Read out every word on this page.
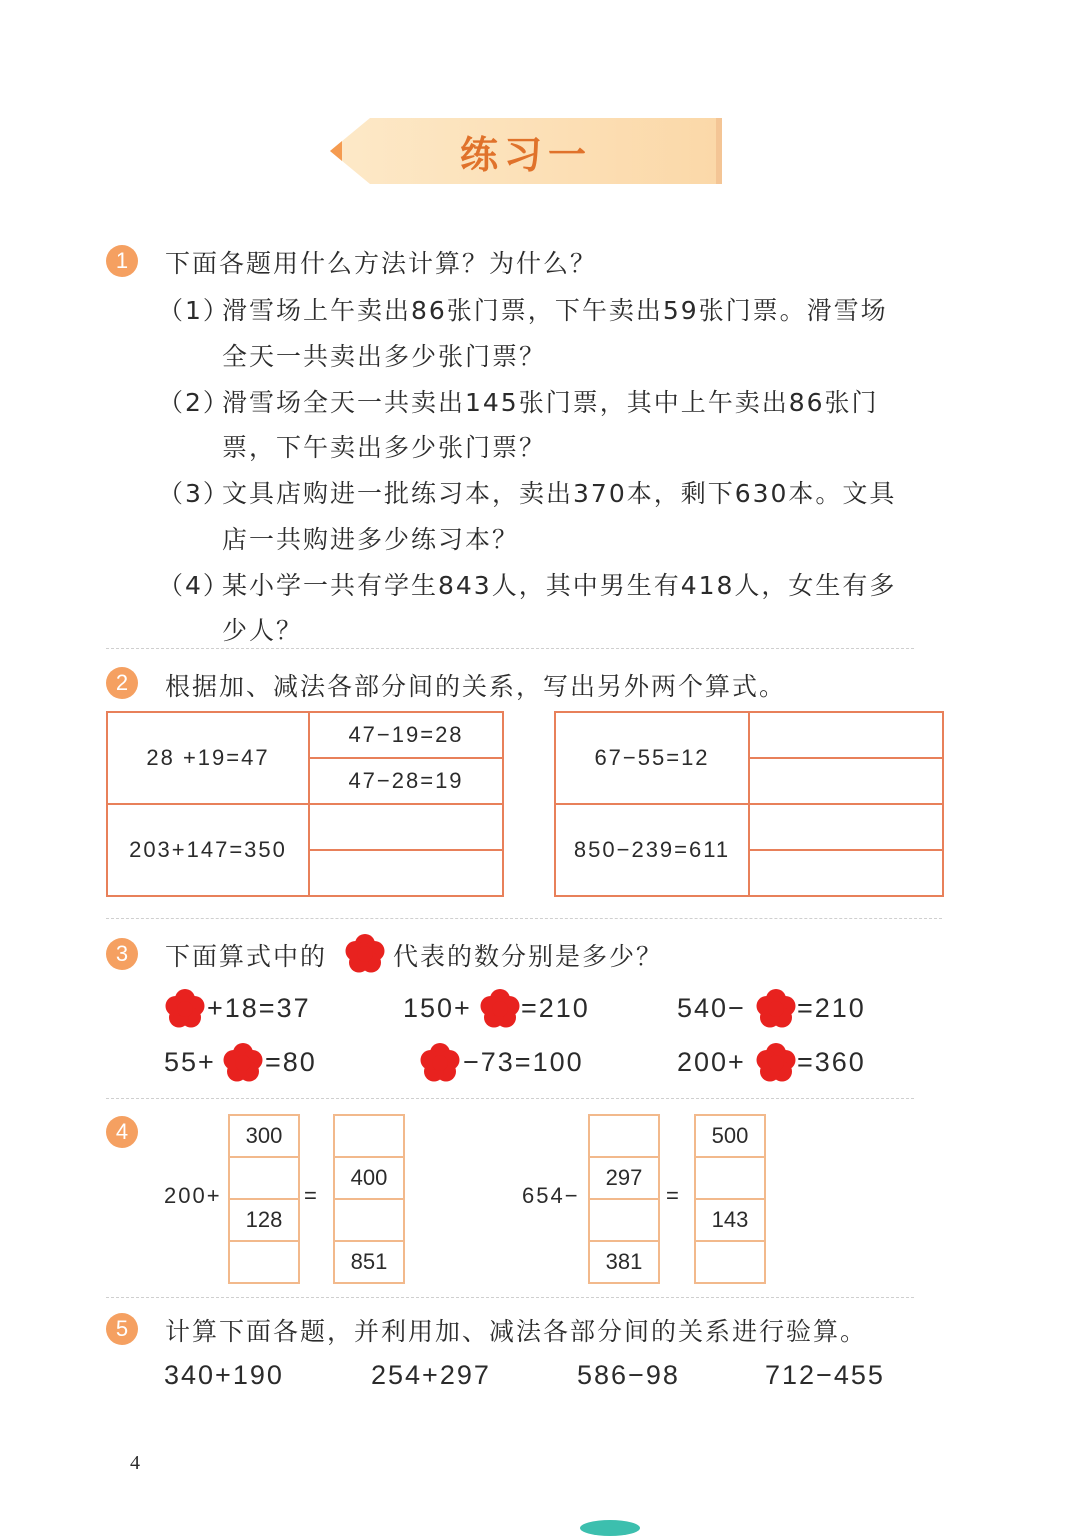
练习一
1	下面各题用什么方法计算？为什么？
（1）
滑雪场上午卖出86张门票，下午卖出59张门票。滑雪场
全天一共卖出多少张门票？
（2）
滑雪场全天一共卖出145张门票，其中上午卖出86张门
票，下午卖出多少张门票？
（3）
文具店购进一批练习本，卖出370本，剩下630本。文具
店一共购进多少练习本？
（4）
某小学一共有学生843人，其中男生有418人，女生有多
少人？
2	根据加、减法各部分间的关系，写出另外两个算式。
28 +19=47	47−19=28
	47−28=19
203+147=350	

67−55=12	

850−239=611	

3	下面算式中的	代表的数分别是多少？
+18=37	150+ =210	540− =210
55+ =80	−73=100	200+ =360
4
200+
300
128
=
400
851
654−
297
381
=
500
143
5	计算下面各题，并利用加、减法各部分间的关系进行验算。
340+190	254+297	586−98	712−455
4
